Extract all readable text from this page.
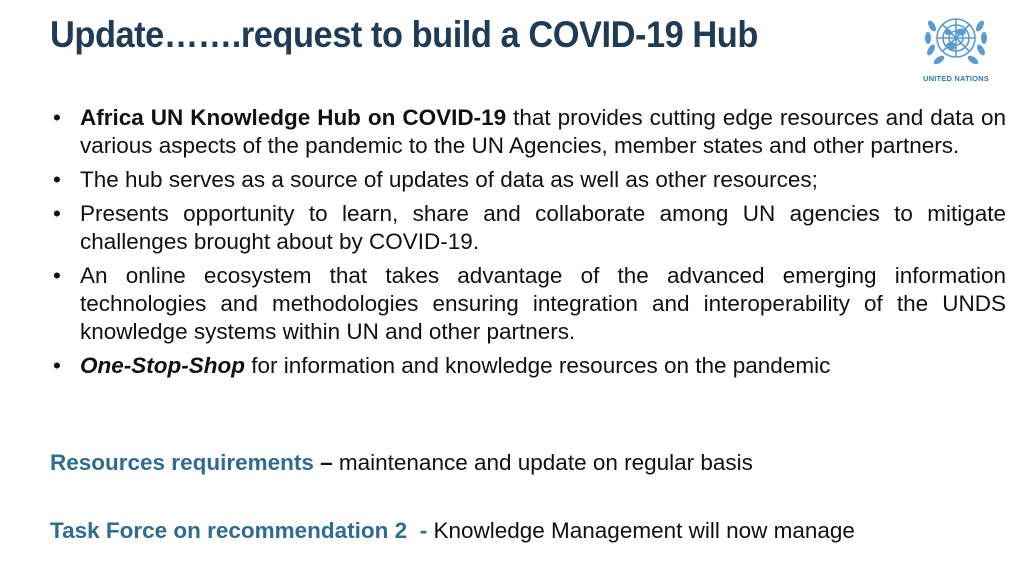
Update…….request to build a COVID-19 Hub
UNITED NATIONS
• Africa UN Knowledge Hub on COVID-19 that provides cutting edge resources and data on various aspects of the pandemic to the UN Agencies, member states and other partners.
• The hub serves as a source of updates of data as well as other resources;
• Presents opportunity to learn, share and collaborate among UN agencies to mitigate challenges brought about by COVID-19.
• An online ecosystem that takes advantage of the advanced emerging information technologies and methodologies ensuring integration and interoperability of the UNDS knowledge systems within UN and other partners.
• One-Stop-Shop for information and knowledge resources on the pandemic

Resources requirements – maintenance and update on regular basis

Task Force on recommendation 2  - Knowledge Management will now manage
